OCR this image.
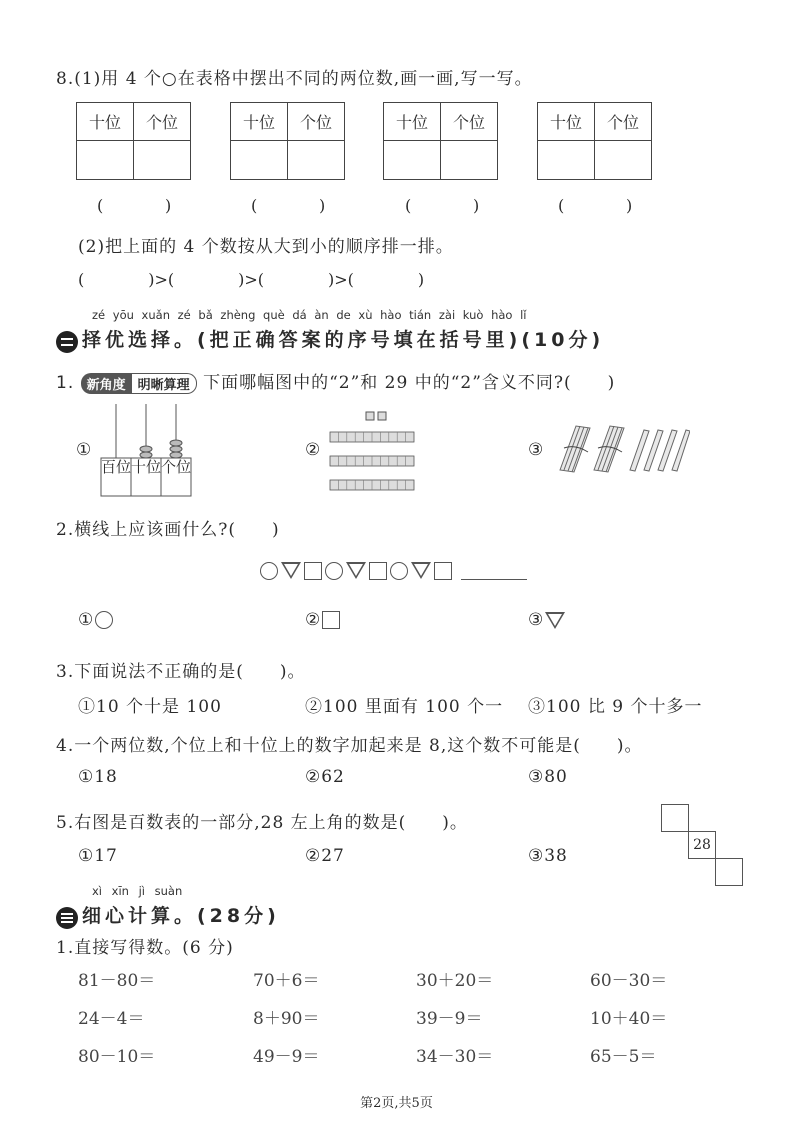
8.(1)用 4 个○在表格中摆出不同的两位数,画一画,写一写。
十位	个位	十位	个位	十位	个位	十位	个位
(	)	(	)	(	)	(	)
(2)把上面的 4 个数按从大到小的顺序排一排。
(	)>(	)>(	)>(	)
zé yōu xuǎn zé bǎ zhèng què dá àn de xù hào tián zài kuò hào lǐ
择优选择。(把正确答案的序号填在括号里)(10分)
1. 新角度 明晰算理 下面哪幅图中的“2”和 29 中的“2”含义不同?(　　)
①
百位 十位 个位
②	③
2.横线上应该画什么?(　　)
①	②	③
3.下面说法不正确的是(　　)。
①10 个十是 100	②100 里面有 100 个一 ③100 比 9 个十多一
4.一个两位数,个位上和十位上的数字加起来是 8,这个数不可能是(　　)。
①18	②62	③80
5.右图是百数表的一部分,28 左上角的数是(　　)。
①17	②27	③38
28
xì xīn jì suàn
细心计算。(28分)
1.直接写得数。(6 分)
81－80＝	70＋6＝	30＋20＝	60－30＝
24－4＝	8＋90＝	39－9＝	10＋40＝
80－10＝	49－9＝	34－30＝	65－5＝
第2页,共5页
